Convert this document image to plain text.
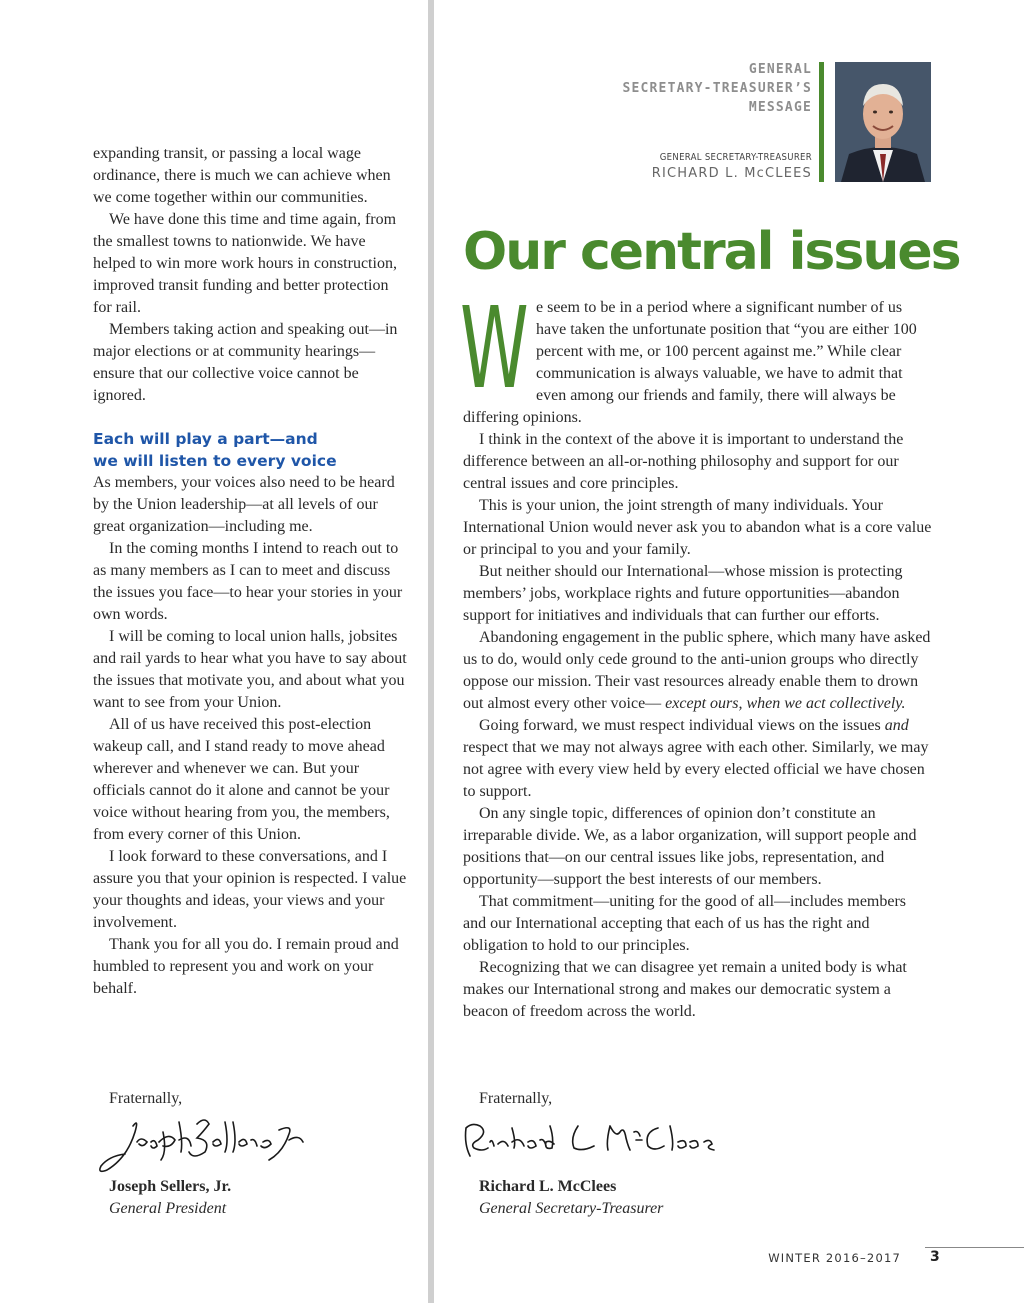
GENERAL
SECRETARY-TREASURER’S
MESSAGE
GENERAL SECRETARY-TREASURER
RICHARD L. McCLEES
Our central issues

expanding transit, or passing a local wage ordinance, there is much we can achieve when we come together within our communities.

We have done this time and time again, from the smallest towns to nationwide. We have helped to win more work hours in construction, improved transit funding and better protection for rail.

Members taking action and speaking out—in major elections or at community hearings—ensure that our collective voice cannot be ignored.

Each will play a part—and
we will listen to every voice

As members, your voices also need to be heard by the Union leadership—at all levels of our great organization—including me.

In the coming months I intend to reach out to as many members as I can to meet and discuss the issues you face—to hear your stories in your own words.

I will be coming to local union halls, jobsites and rail yards to hear what you have to say about the issues that motivate you, and about what you want to see from your Union.

All of us have received this post-election wakeup call, and I stand ready to move ahead wherever and whenever we can. But your officials cannot do it alone and cannot be your voice without hearing from you, the members, from every corner of this Union.

I look forward to these conversations, and I assure you that your opinion is respected. I value your thoughts and ideas, your views and your involvement.

Thank you for all you do. I remain proud and humbled to represent you and work on your behalf.

Fraternally,
Joseph Sellers, Jr.
General President

We seem to be in a period where a significant number of us have taken the unfortunate position that “you are either 100 percent with me, or 100 percent against me.” While clear communication is always valuable, we have to admit that even among our friends and family, there will always be differing opinions.

I think in the context of the above it is important to understand the difference between an all-or-nothing philosophy and support for our central issues and core principles.

This is your union, the joint strength of many individuals. Your International Union would never ask you to abandon what is a core value or principal to you and your family.

But neither should our International—whose mission is protecting members’ jobs, workplace rights and future opportunities—abandon support for initiatives and individuals that can further our efforts.

Abandoning engagement in the public sphere, which many have asked us to do, would only cede ground to the anti-union groups who directly oppose our mission. Their vast resources already enable them to drown out almost every other voice— except ours, when we act collectively.

Going forward, we must respect individual views on the issues and respect that we may not always agree with each other. Similarly, we may not agree with every view held by every elected official we have chosen to support.

On any single topic, differences of opinion don’t constitute an irreparable divide. We, as a labor organization, will support people and positions that—on our central issues like jobs, representation, and opportunity—support the best interests of our members.

That commitment—uniting for the good of all—includes members and our International accepting that each of us has the right and obligation to hold to our principles.

Recognizing that we can disagree yet remain a united body is what makes our International strong and makes our democratic system a beacon of freedom across the world.

Fraternally,
Richard L. McClees
General Secretary-Treasurer
WINTER 2016–2017 3
